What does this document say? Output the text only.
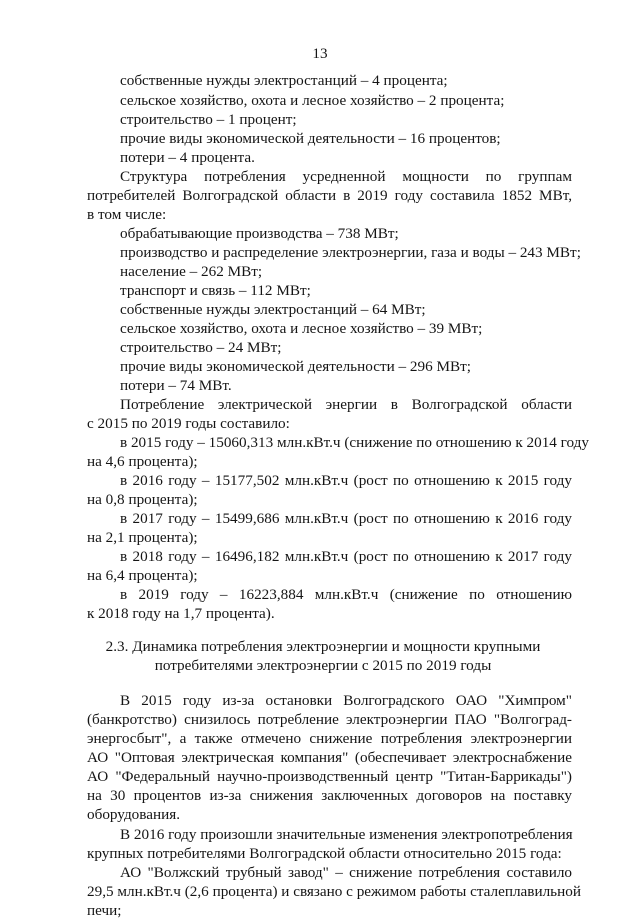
13
собственные нужды электростанций – 4 процента;
сельское хозяйство, охота и лесное хозяйство – 2 процента;
строительство – 1 процент;
прочие виды экономической деятельности – 16 процентов;
потери – 4 процента.
Структура потребления усредненной мощности по группам
потребителей Волгоградской области в 2019 году составила 1852 МВт,
в том числе:
обрабатывающие производства – 738 МВт;
производство и распределение электроэнергии, газа и воды – 243 МВт;
население – 262 МВт;
транспорт и связь – 112 МВт;
собственные нужды электростанций – 64 МВт;
сельское хозяйство, охота и лесное хозяйство – 39 МВт;
строительство – 24 МВт;
прочие виды экономической деятельности – 296 МВт;
потери – 74 МВт.
Потребление электрической энергии в Волгоградской области
с 2015 по 2019 годы составило:
в 2015 году – 15060,313 млн.кВт.ч (снижение по отношению к 2014 году
на 4,6 процента);
в 2016 году – 15177,502 млн.кВт.ч (рост по отношению к 2015 году
на 0,8 процента);
в 2017 году – 15499,686 млн.кВт.ч (рост по отношению к 2016 году
на 2,1 процента);
в 2018 году – 16496,182 млн.кВт.ч (рост по отношению к 2017 году
на 6,4 процента);
в 2019 году – 16223,884 млн.кВт.ч (снижение по отношению
к 2018 году на 1,7 процента).
2.3. Динамика потребления электроэнергии и мощности крупными
потребителями электроэнергии с 2015 по 2019 годы
В 2015 году из-за остановки Волгоградского ОАО "Химпром"
(банкротство) снизилось потребление электроэнергии ПАО "Волгоград-
энергосбыт", а также отмечено снижение потребления электроэнергии
АО "Оптовая электрическая компания" (обеспечивает электроснабжение
АО "Федеральный научно-производственный центр "Титан-Баррикады")
на 30 процентов из-за снижения заключенных договоров на поставку
оборудования.
В 2016 году произошли значительные изменения электропотребления
крупных потребителями Волгоградской области относительно 2015 года:
АО "Волжский трубный завод" – снижение потребления составило
29,5 млн.кВт.ч (2,6 процента) и связано с режимом работы сталеплавильной
печи;
